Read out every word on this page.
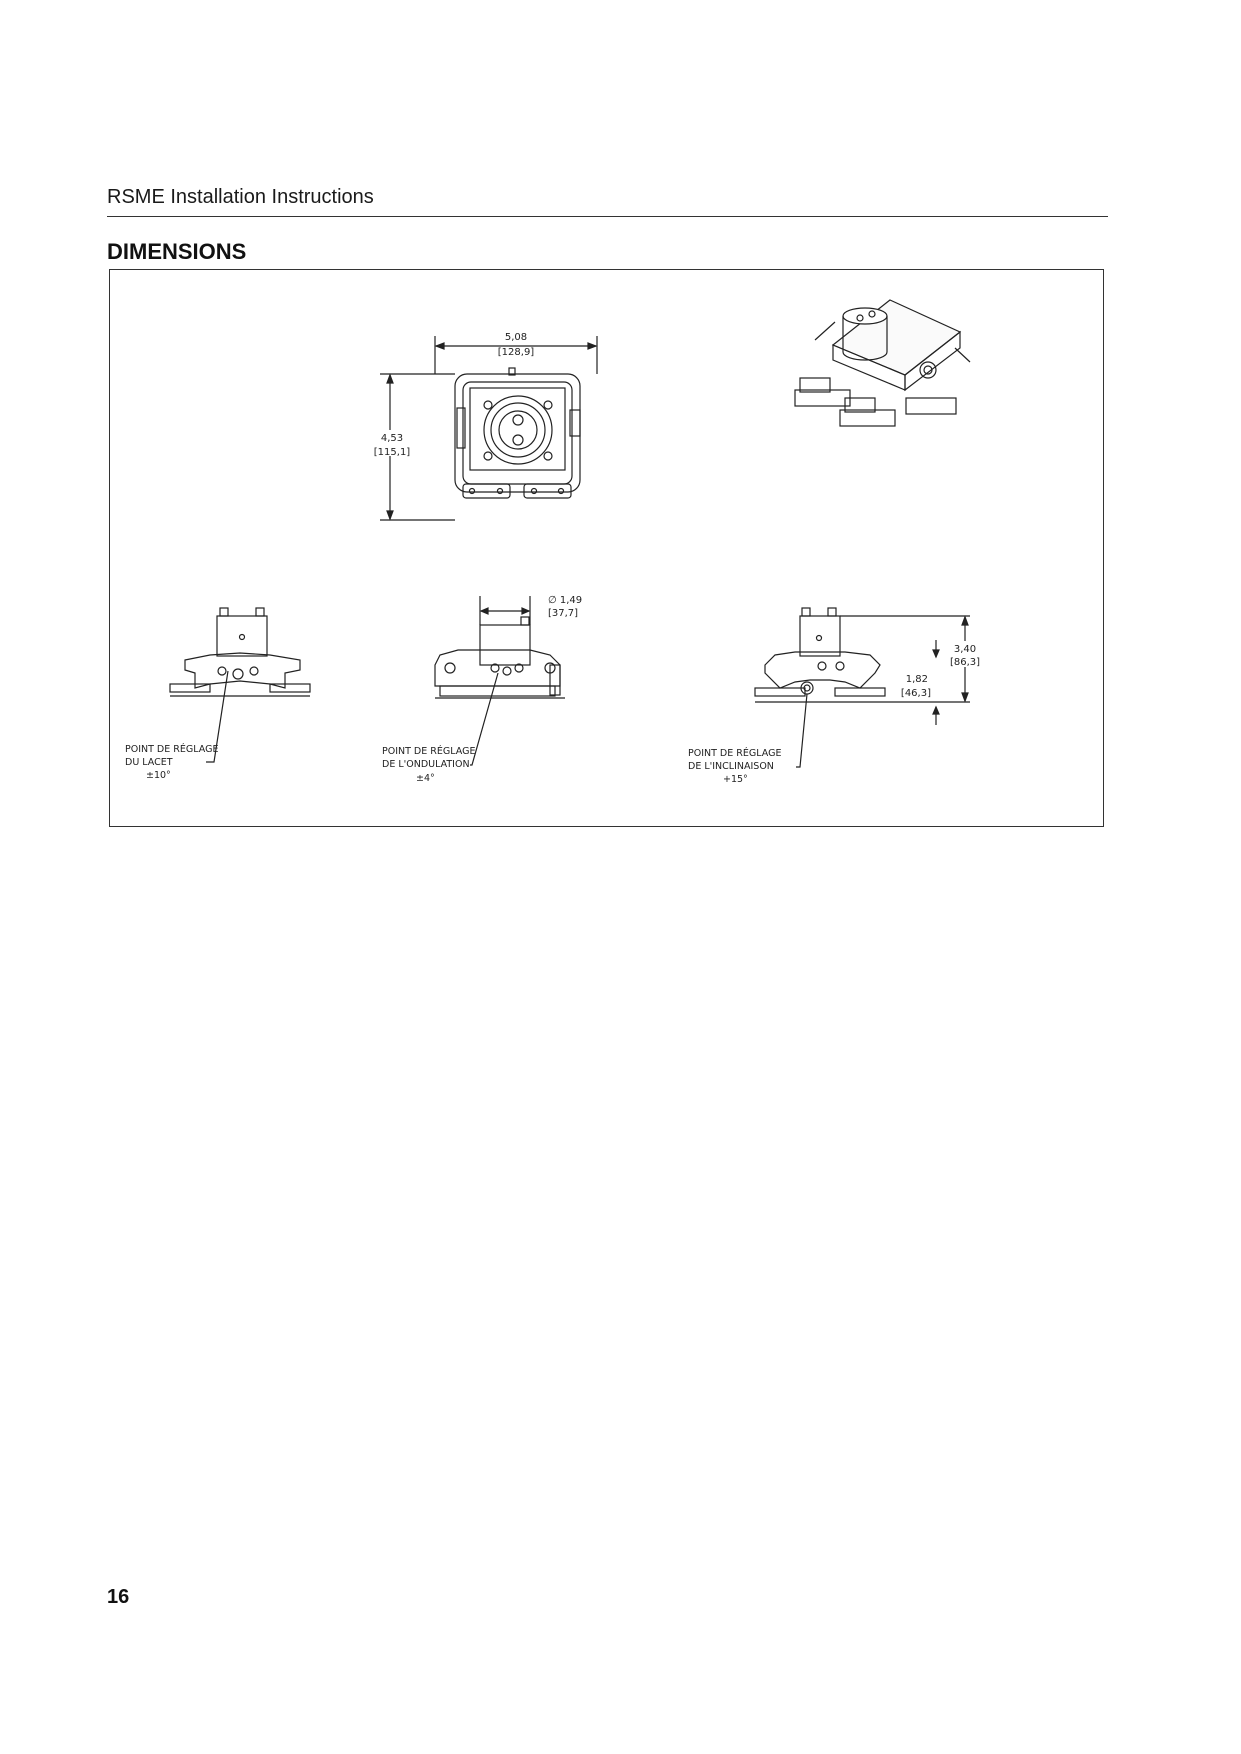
RSME Installation Instructions
DIMENSIONS
5,08
[128,9]
4,53
[115,1]
POINT DE RÉGLAGE
DU LACET
±10°
∅ 1,49
[37,7]
POINT DE RÉGLAGE
DE L'ONDULATION
±4°
3,40
[86,3]
1,82
[46,3]
POINT DE RÉGLAGE
DE L'INCLINAISON
+15°
16
